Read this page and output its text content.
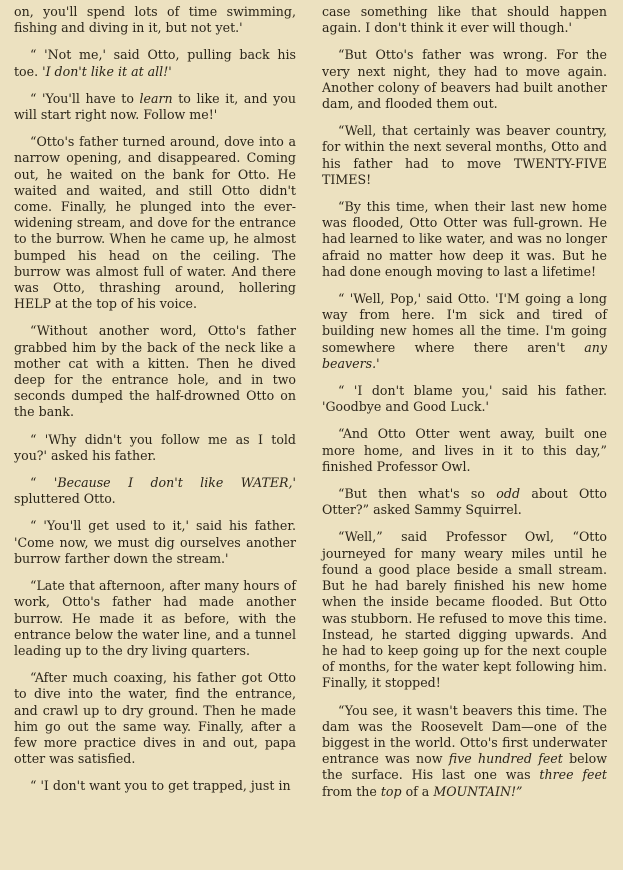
on, you'll spend lots of time swimming, fishing and diving in it, but not yet.'

“ 'Not me,' said Otto, pulling back his toe. 'I don't like it at all!'

“ 'You'll have to learn to like it, and you will start right now. Follow me!'

“Otto's father turned around, dove into a narrow opening, and disappeared. Coming out, he waited on the bank for Otto. He waited and waited, and still Otto didn't come. Finally, he plunged into the ever-widening stream, and dove for the entrance to the burrow. When he came up, he almost bumped his head on the ceiling. The burrow was almost full of water. And there was Otto, thrashing around, hollering HELP at the top of his voice.

“Without another word, Otto's father grabbed him by the back of the neck like a mother cat with a kitten. Then he dived deep for the entrance hole, and in two seconds dumped the half-drowned Otto on the bank.

“ 'Why didn't you follow me as I told you?' asked his father.

“ 'Because I don't like WATER,' spluttered Otto.

“ 'You'll get used to it,' said his father. 'Come now, we must dig ourselves another burrow farther down the stream.'

“Late that afternoon, after many hours of work, Otto's father had made another burrow. He made it as before, with the entrance below the water line, and a tunnel leading up to the dry living quarters.

“After much coaxing, his father got Otto to dive into the water, find the entrance, and crawl up to dry ground. Then he made him go out the same way. Finally, after a few more practice dives in and out, papa otter was satisfied.

“ 'I don't want you to get trapped, just in

case something like that should happen again. I don't think it ever will though.'

“But Otto's father was wrong. For the very next night, they had to move again. Another colony of beavers had built another dam, and flooded them out.

“Well, that certainly was beaver country, for within the next several months, Otto and his father had to move TWENTY-FIVE TIMES!

“By this time, when their last new home was flooded, Otto Otter was full-grown. He had learned to like water, and was no longer afraid no matter how deep it was. But he had done enough moving to last a lifetime!

“ 'Well, Pop,' said Otto. 'I'M going a long way from here. I'm sick and tired of building new homes all the time. I'm going somewhere where there aren't any beavers.'

“ 'I don't blame you,' said his father. 'Goodbye and Good Luck.'

“And Otto Otter went away, built one more home, and lives in it to this day,” finished Professor Owl.

“But then what's so odd about Otto Otter?” asked Sammy Squirrel.

“Well,” said Professor Owl, “Otto journeyed for many weary miles until he found a good place beside a small stream. But he had barely finished his new home when the inside became flooded. But Otto was stubborn. He refused to move this time. Instead, he started digging upwards. And he had to keep going up for the next couple of months, for the water kept following him. Finally, it stopped!

“You see, it wasn't beavers this time. The dam was the Roosevelt Dam—one of the biggest in the world. Otto's first underwater entrance was now five hundred feet below the surface. His last one was three feet from the top of a MOUNTAIN!”
